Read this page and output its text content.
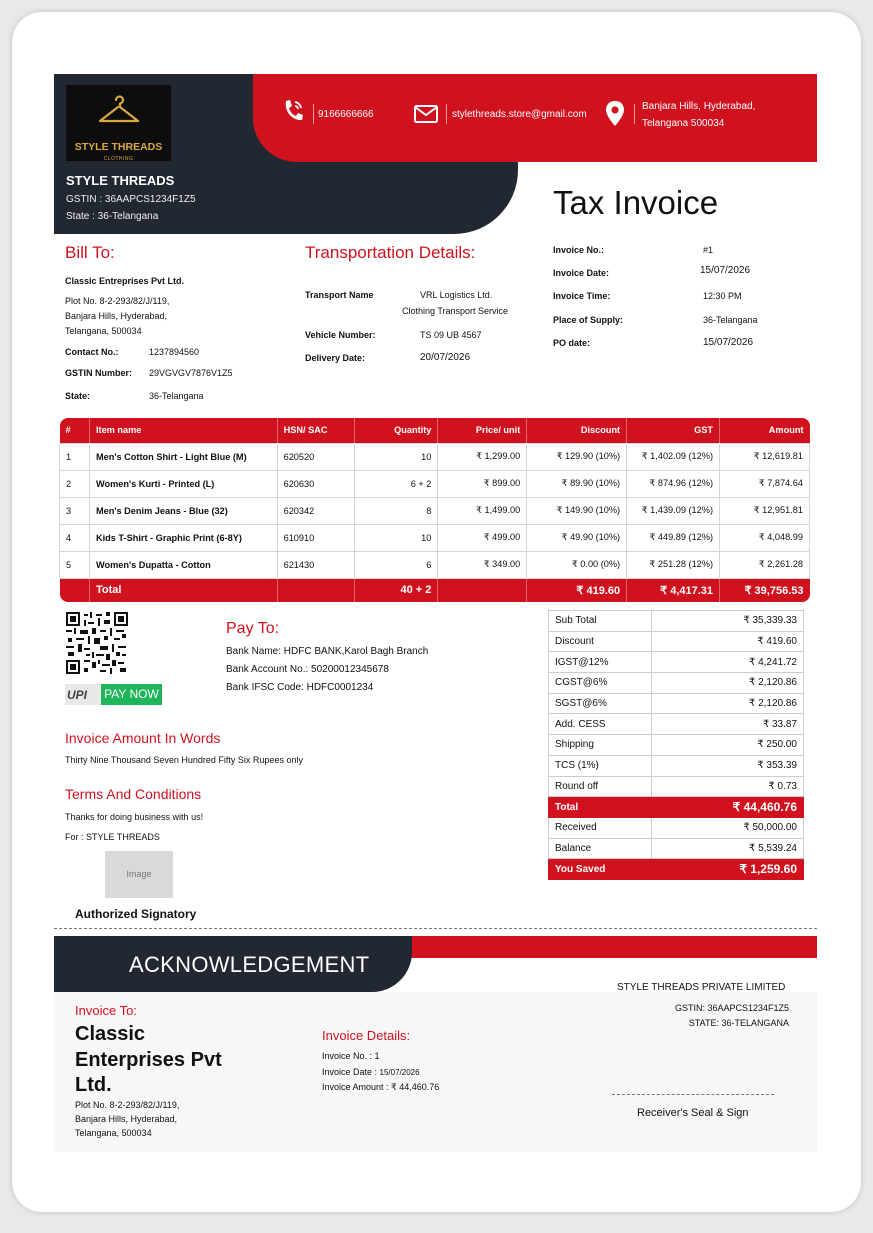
9166666666	stylethreads.store@gmail.com
Banjara Hills, Hyderabad,
Telangana 500034
STYLE THREADS
CLOTHING
STYLE THREADS
GSTIN : 36AAPCS1234F1Z5
State : 36-Telangana	Tax Invoice
Bill To:
Classic Entreprises Pvt Ltd.
Plot No. 8-2-293/82/J/119,
Banjara Hills, Hyderabad,
Telangana, 500034
Contact No.:	1237894560
GSTIN Number: 29VGVGV7876V1Z5
State:	36-Telangana
Transportation Details:
Transport Name	VRL Logistics Ltd.
Clothing Transport Service
Vehicle Number:	TS 09 UB 4567
Delivery Date:	20/07/2026
Invoice No.:	#1
Invoice Date:	15/07/2026
Invoice Time:	12:30 PM
Place of Supply:	36-Telangana
PO date:	15/07/2026
#	Item name	HSN/ SAC	Quantity	Price/ unit	Discount	GST	Amount
1	Men's Cotton Shirt - Light Blue (M)	620520	10	₹ 1,299.00	₹ 129.90 (10%)	₹ 1,402.09 (12%)	₹ 12,619.81
2	Women's Kurti - Printed (L)	620630	6 + 2	₹ 899.00	₹ 89.90 (10%)	₹ 874.96 (12%)	₹ 7,874.64
3	Men's Denim Jeans - Blue (32)	620342	8	₹ 1,499.00	₹ 149.90 (10%)	₹ 1,439.09 (12%)	₹ 12,951.81
4	Kids T-Shirt - Graphic Print (6-8Y)	610910	10	₹ 499.00	₹ 49.90 (10%)	₹ 449.89 (12%)	₹ 4,048.99
5	Women's Dupatta - Cotton	621430	6	₹ 349.00	₹ 0.00 (0%)	₹ 251.28 (12%)	₹ 2,261.28
	Total		40 + 2		₹ 419.60	₹ 4,417.31	₹ 39,756.53
UPI PAY NOW
Pay To:
Bank Name: HDFC BANK,Karol Bagh Branch
Bank Account No.: 50200012345678
Bank IFSC Code: HDFC0001234
Invoice Amount In Words
Thirty Nine Thousand Seven Hundred Fifty Six Rupees only
Terms And Conditions
Thanks for doing business with us!
For : STYLE THREADS
Image
Authorized Signatory
Sub Total	₹ 35,339.33
Discount	₹ 419.60
IGST@12%	₹ 4,241.72
CGST@6%	₹ 2,120.86
SGST@6%	₹ 2,120.86
Add. CESS	₹ 33.87
Shipping	₹ 250.00
TCS (1%)	₹ 353.39
Round off	₹ 0.73
Total	₹ 44,460.76
Received	₹ 50,000.00
Balance	₹ 5,539.24
You Saved	₹ 1,259.60
ACKNOWLEDGEMENT
Invoice To:
Classic
Enterprises Pvt
Ltd.
Plot No. 8-2-293/82/J/119,
Banjara Hills, Hyderabad,
Telangana, 500034
Invoice Details:
Invoice No. : 1
Invoice Date : 15/07/2026
Invoice Amount : ₹ 44,460.76
STYLE THREADS PRIVATE LIMITED
GSTIN: 36AAPCS1234F1Z5
STATE: 36-TELANGANA
Receiver's Seal & Sign
